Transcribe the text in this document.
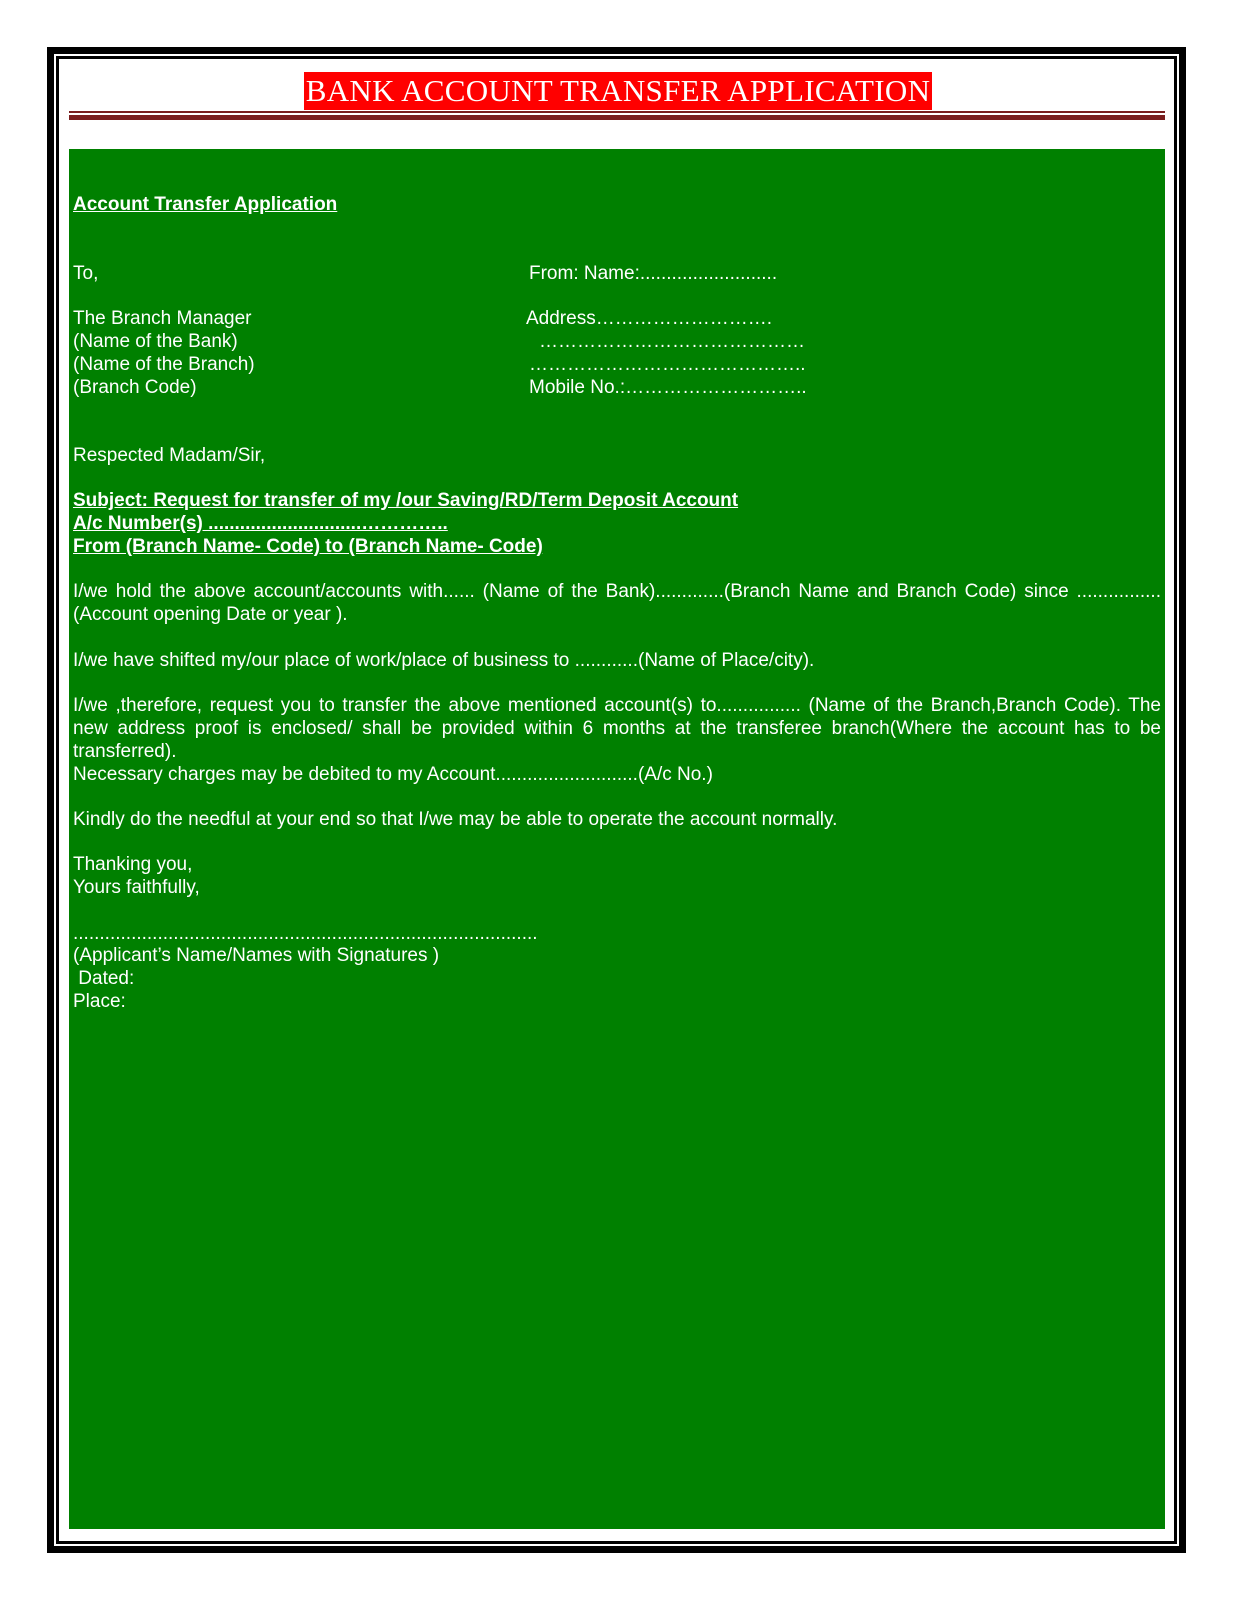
BANK ACCOUNT TRANSFER APPLICATION
Account Transfer Application
To,
The Branch Manager
(Name of the Bank)
(Name of the Branch)
(Branch Code)
From: Name:..........................
Address……………………….
……………………………………
……………………………………..
Mobile No.:………………………..
Respected Madam/Sir,
Subject: Request for transfer of my /our Saving/RD/Term Deposit Account
A/c Number(s) .............................…………..
From (Branch Name- Code) to (Branch Name- Code)
I/we hold the above account/accounts with...... (Name of the Bank).............(Branch Name and Branch Code) since ................(Account opening Date or year ).
I/we have shifted my/our place of work/place of business to ............(Name of Place/city).
I/we ,therefore, request you to transfer the above mentioned account(s) to................ (Name of the Branch,Branch Code). The new address proof is enclosed/ shall be provided within 6 months at the transferee branch(Where the account has to be transferred).
Necessary charges may be debited to my Account...........................(A/c No.)
Kindly do the needful at your end so that I/we may be able to operate the account normally.
Thanking you,
Yours faithfully,
........................................................................................
(Applicant’s Name/Names with Signatures )
Dated:
Place:
